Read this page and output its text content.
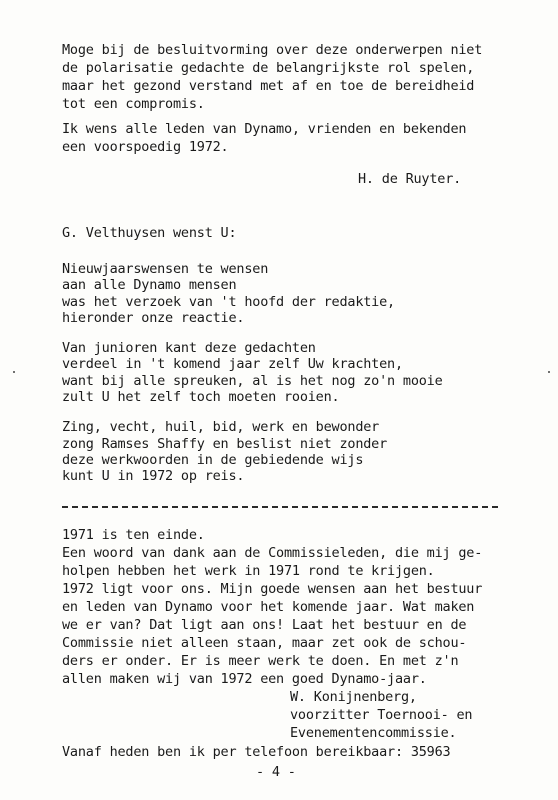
Moge bij de besluitvorming over deze onderwerpen niet
de polarisatie gedachte de belangrijkste rol spelen,
maar het gezond verstand met af en toe de bereidheid
tot een compromis.
Ik wens alle leden van Dynamo, vrienden en bekenden
een voorspoedig 1972.
H. de Ruyter.
G. Velthuysen wenst U:
Nieuwjaarswensen te wensen
aan alle Dynamo mensen
was het verzoek van 't hoofd der redaktie,
hieronder onze reactie.
Van junioren kant deze gedachten
verdeel in 't komend jaar zelf Uw krachten,
want bij alle spreuken, al is het nog zo'n mooie
zult U het zelf toch moeten rooien.
Zing, vecht, huil, bid, werk en bewonder
zong Ramses Shaffy en beslist niet zonder
deze werkwoorden in de gebiedende wijs
kunt U in 1972 op reis.
1971 is ten einde.
Een woord van dank aan de Commissieleden, die mij ge-
holpen hebben het werk in 1971 rond te krijgen.
1972 ligt voor ons. Mijn goede wensen aan het bestuur
en leden van Dynamo voor het komende jaar. Wat maken
we er van? Dat ligt aan ons! Laat het bestuur en de
Commissie niet alleen staan, maar zet ook de schou-
ders er onder. Er is meer werk te doen. En met z'n
allen maken wij van 1972 een goed Dynamo-jaar.
W. Konijnenberg,
voorzitter Toernooi- en
Evenementencommissie.
Vanaf heden ben ik per telefoon bereikbaar: 35963
- 4 -
